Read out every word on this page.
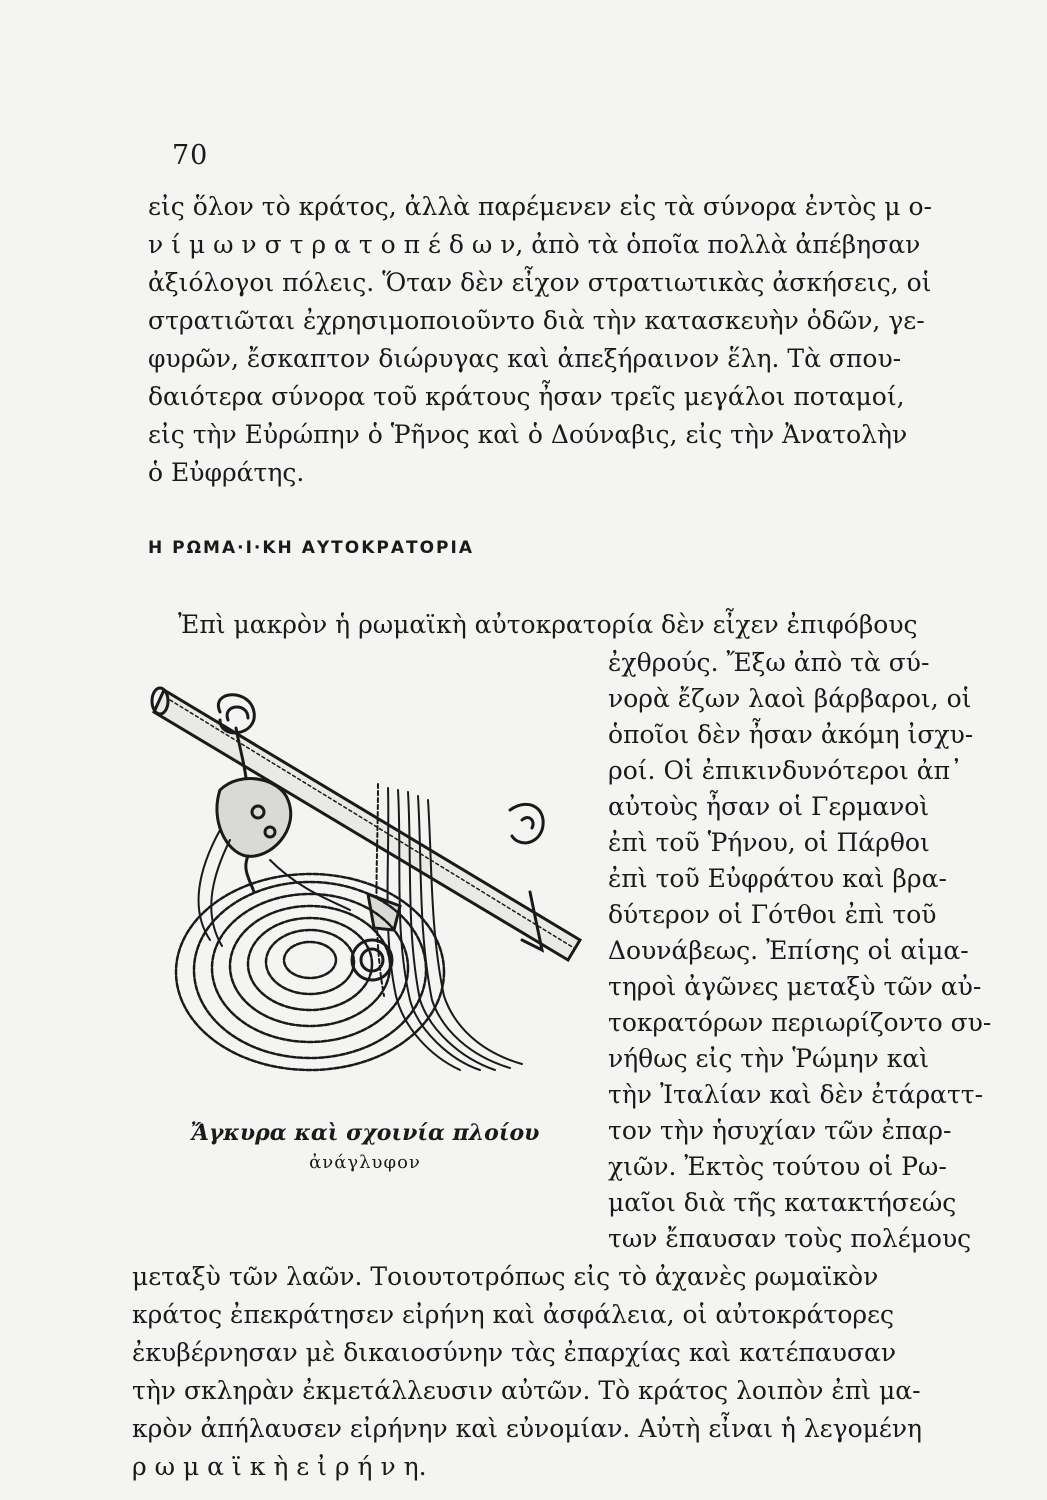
70
εἰς ὅλον τὸ κράτος, ἀλλὰ παρέμενεν εἰς τὰ σύνορα ἐντὸς μ ο-
ν ί μ ω ν σ τ ρ α τ ο π έ δ ω ν, ἀπὸ τὰ ὁποῖα πολλὰ ἀπέβησαν
ἀξιόλογοι πόλεις. Ὅταν δὲν εἶχον στρατιωτικὰς ἀσκήσεις, οἱ
στρατιῶται ἐχρησιμοποιοῦντο διὰ τὴν κατασκευὴν ὁδῶν, γε-
φυρῶν, ἔσκαπτον διώρυγας καὶ ἀπεξήραινον ἕλη. Τὰ σπου-
δαιότερα σύνορα τοῦ κράτους ἦσαν τρεῖς μεγάλοι ποταμοί,
εἰς τὴν Εὐρώπην ὁ Ῥῆνος καὶ ὁ Δούναβις, εἰς τὴν Ἀνατολὴν
ὁ Εὐφράτης.
Η ΡΩΜΑ·Ι·ΚΗ ΑΥΤΟΚΡΑΤΟΡΙΑ
Ἐπὶ μακρὸν ἡ ρωμαϊκὴ αὐτοκρατορία δὲν εἶχεν ἐπιφόβους
ἐχθρούς. Ἔξω ἀπὸ τὰ σύ-
νορὰ ἔζων λαοὶ βάρβαροι, οἱ
ὁποῖοι δὲν ἦσαν ἀκόμη ἰσχυ-
ροί. Οἱ ἐπικινδυνότεροι ἀπ᾽
αὐτοὺς ἦσαν οἱ Γερμανοὶ
ἐπὶ τοῦ Ῥήνου, οἱ Πάρθοι
ἐπὶ τοῦ Εὐφράτου καὶ βρα-
δύτερον οἱ Γότθοι ἐπὶ τοῦ
Δουνάβεως. Ἐπίσης οἱ αἱμα-
τηροὶ ἀγῶνες μεταξὺ τῶν αὐ-
τοκρατόρων περιωρίζοντο συ-
νήθως εἰς τὴν Ῥώμην καὶ
τὴν Ἰταλίαν καὶ δὲν ἐτάραττ-
τον τὴν ἡσυχίαν τῶν ἐπαρ-
χιῶν. Ἐκτὸς τούτου οἱ Ρω-
μαῖοι διὰ τῆς κατακτήσεώς
των ἔπαυσαν τοὺς πολέμους
μεταξὺ τῶν λαῶν. Τοιουτοτρόπως εἰς τὸ ἀχανὲς ρωμαϊκὸν
κράτος ἐπεκράτησεν εἰρήνη καὶ ἀσφάλεια, οἱ αὐτοκράτορες
ἐκυβέρνησαν μὲ δικαιοσύνην τὰς ἐπαρχίας καὶ κατέπαυσαν
τὴν σκληρὰν ἐκμετάλλευσιν αὐτῶν. Τὸ κράτος λοιπὸν ἐπὶ μα-
κρὸν ἀπήλαυσεν εἰρήνην καὶ εὐνομίαν. Αὐτὴ εἶναι ἡ λεγομένη
ρ ω μ α ϊ κ ὴ ε ἰ ρ ή ν η.
Ἄγκυρα καὶ σχοινία πλοίου
ἀνάγλυφον
